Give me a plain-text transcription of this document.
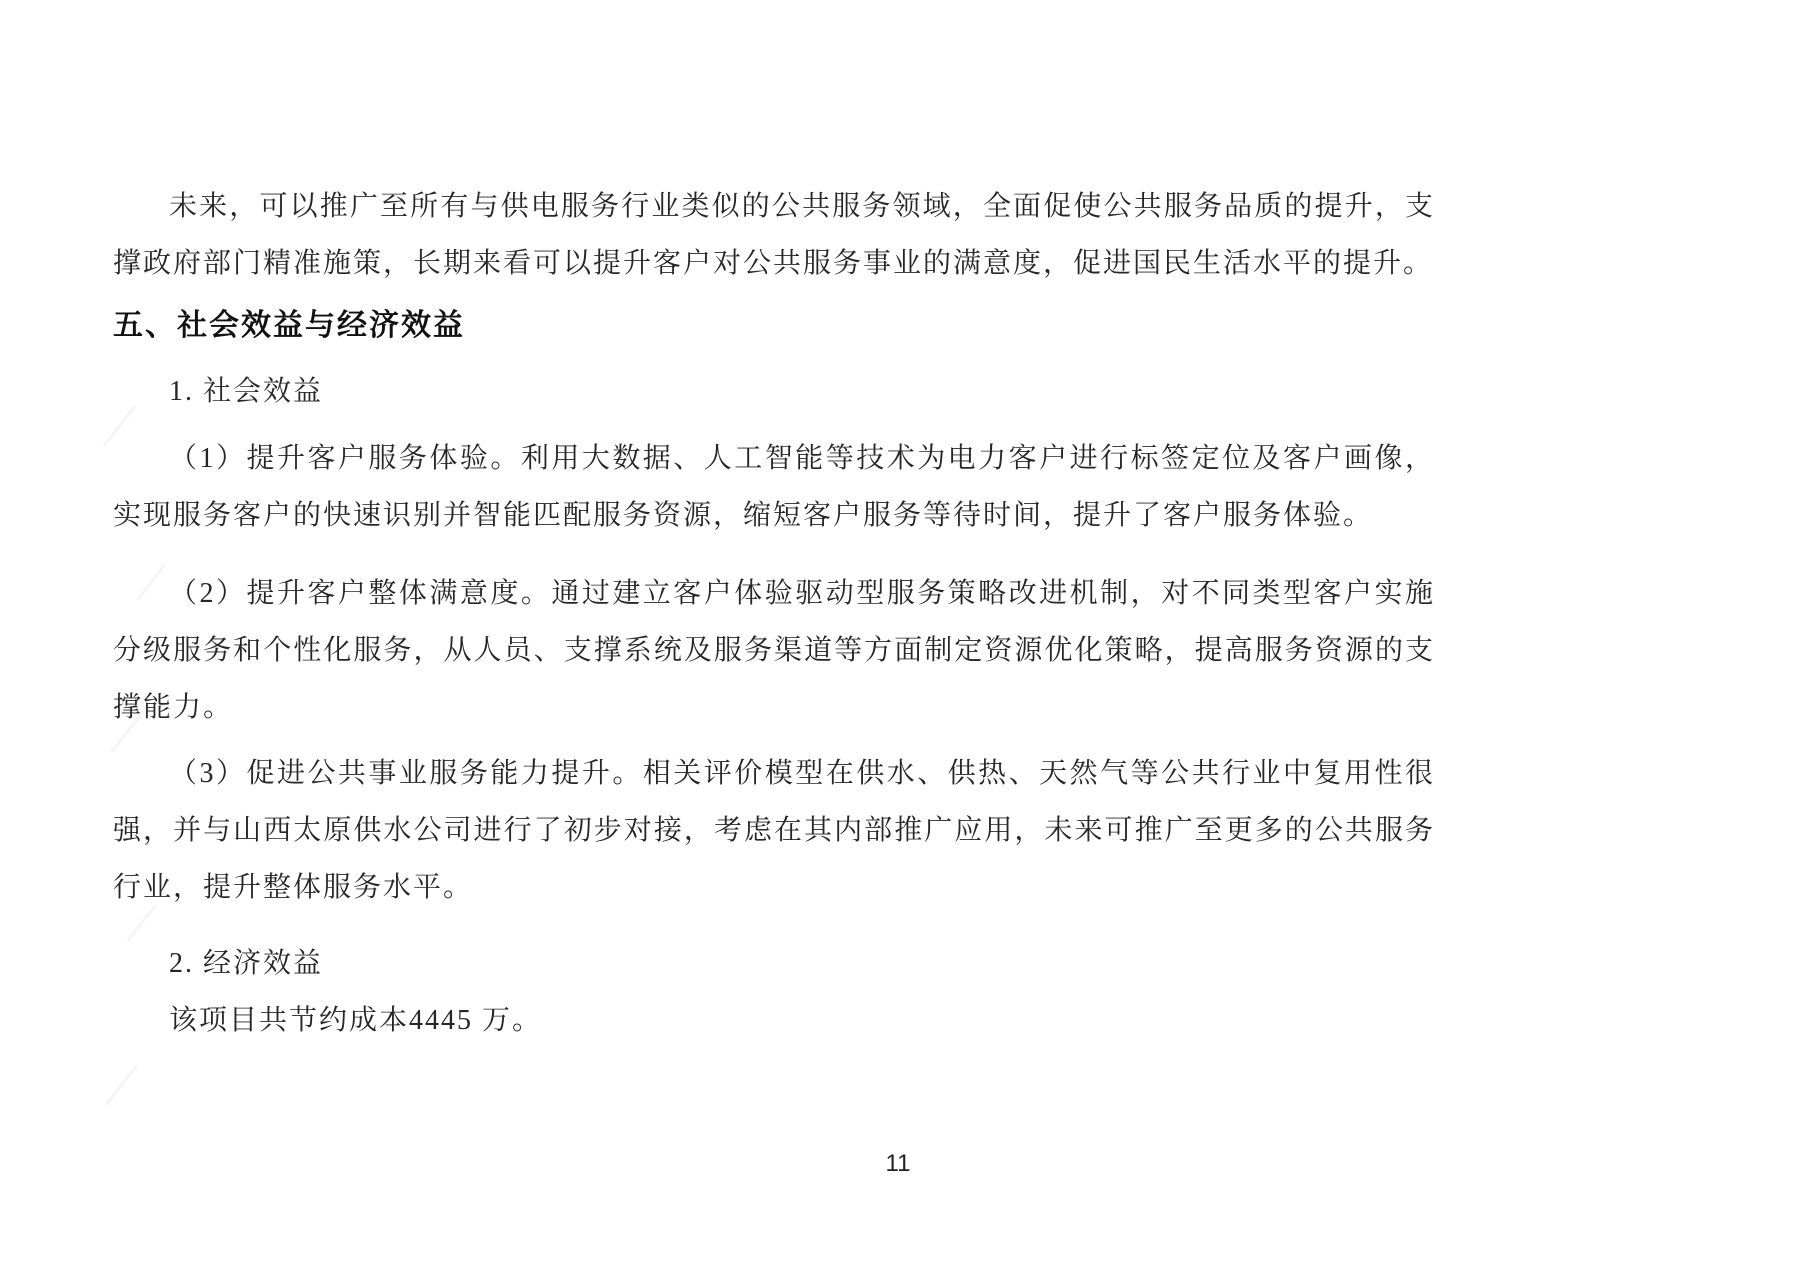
未来，可以推广至所有与供电服务行业类似的公共服务领域，全面促使公共服务品质的提升，支撑政府部门精准施策，长期来看可以提升客户对公共服务事业的满意度，促进国民生活水平的提升。

五、社会效益与经济效益

1. 社会效益

（1）提升客户服务体验。利用大数据、人工智能等技术为电力客户进行标签定位及客户画像，实现服务客户的快速识别并智能匹配服务资源，缩短客户服务等待时间，提升了客户服务体验。

（2）提升客户整体满意度。通过建立客户体验驱动型服务策略改进机制，对不同类型客户实施分级服务和个性化服务，从人员、支撑系统及服务渠道等方面制定资源优化策略，提高服务资源的支撑能力。

（3）促进公共事业服务能力提升。相关评价模型在供水、供热、天然气等公共行业中复用性很强，并与山西太原供水公司进行了初步对接，考虑在其内部推广应用，未来可推广至更多的公共服务行业，提升整体服务水平。

2. 经济效益

该项目共节约成本4445 万。

11
